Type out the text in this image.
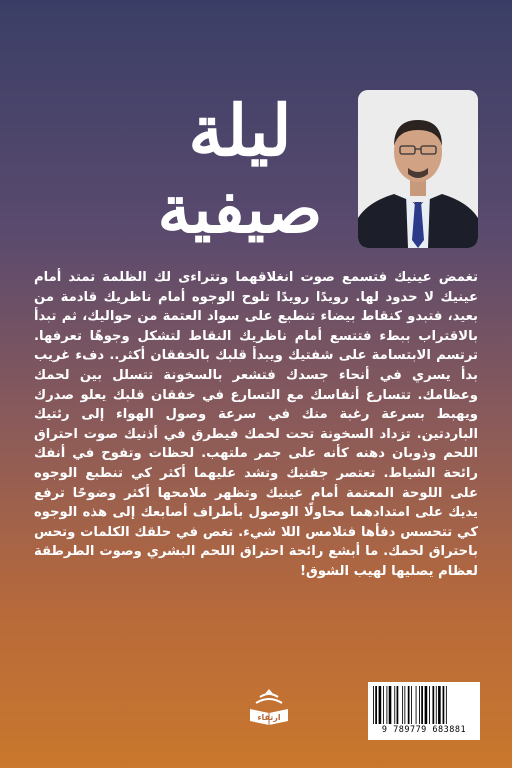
ليلة
صيفية
تغمض عينيك فتسمع صوت انغلاقهما وتتراءى لك الظلمة تمتد أمام عينيك لا حدود لها. رويدًا رويدًا تلوح الوجوه أمام ناظريك قادمة من بعيد، فتبدو كنقاط بيضاء تنطبع على سواد العتمة من حواليك، ثم تبدأ بالاقتراب ببطء فتتسع أمام ناظريك النقاط لتشكل وجوهًا تعرفها. ترتسم الابتسامة على شفتيك ويبدأ قلبك بالخفقان أكثر.. دفء غريب بدأ يسري في أنحاء جسدك فتشعر بالسخونة تتسلل بين لحمك وعظامك. تتسارع أنفاسك مع التسارع في خفقان قلبك يعلو صدرك ويهبط بسرعة رغبة منك في سرعة وصول الهواء إلى رئتيك الباردتين. تزداد السخونة تحت لحمك فيطرق في أذنيك صوت احتراق اللحم وذوبان دهنه كأنه على جمر ملتهب. لحظات وتفوح في أنفك رائحة الشياط. تعتصر جفنيك وتشد عليهما أكثر كي تنطبع الوجوه على اللوحة المعتمة أمام عينيك وتظهر ملامحها أكثر وضوحًا ترفع يديك على امتدادهما محاولًا الوصول بأطراف أصابعك إلى هذه الوجوه كي تتحسس دفأها فتلامس اللا شيء. تغص في حلقك الكلمات وتحس باحتراق لحمك. ما أبشع رائحة احتراق اللحم البشري وصوت الطرطقة لعظام يصليها لهيب الشوق!
ارتقاء
9 789779 683881
